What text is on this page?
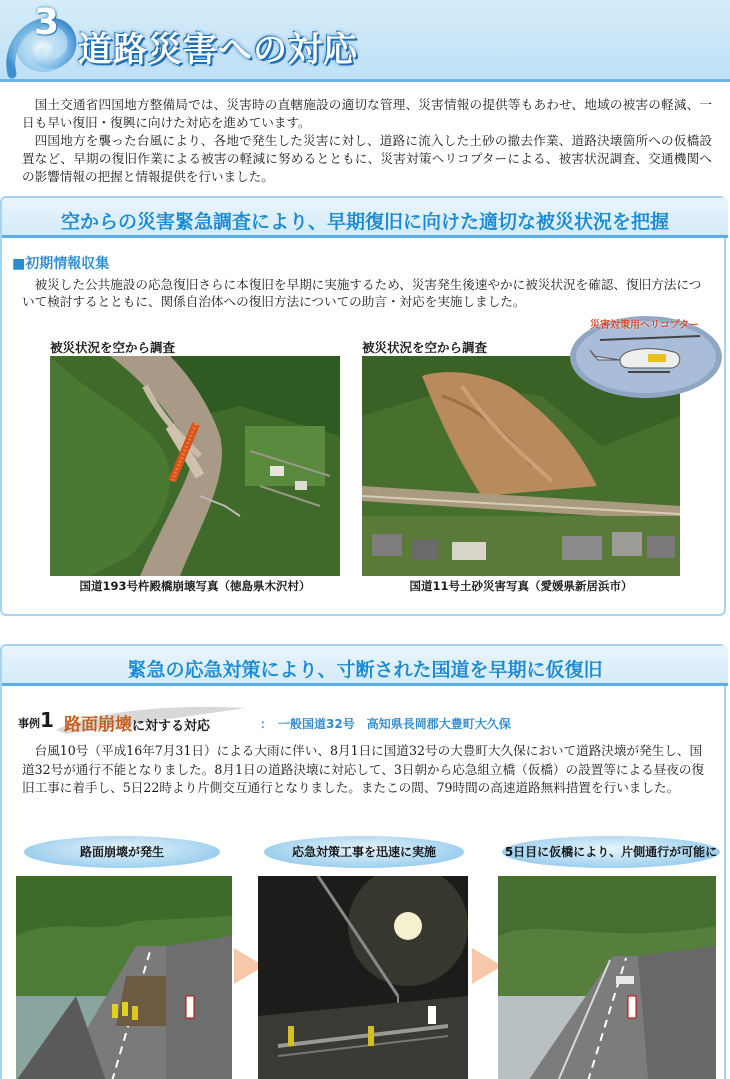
3
道路災害への対応

国土交通省四国地方整備局では、災害時の直轄施設の適切な管理、災害情報の提供等もあわせ、地域の被害の軽減、一日も早い復旧・復興に向けた対応を進めています。

四国地方を襲った台風により、各地で発生した災害に対し、道路に流入した土砂の撤去作業、道路決壊箇所への仮橋設置など、早期の復旧作業による被害の軽減に努めるとともに、災害対策ヘリコプターによる、被害状況調査、交通機関への影響情報の把握と情報提供を行いました。

空からの災害緊急調査により、早期復旧に向けた適切な被災状況を把握
■初期情報収集

被災した公共施設の応急復旧さらに本復旧を早期に実施するため、災害発生後速やかに被災状況を確認、復旧方法について検討するとともに、関係自治体への復旧方法についての助言・対応を実施しました。

被災状況を空から調査
国道193号杵殿橋崩壊写真（徳島県木沢村）
被災状況を空から調査
国道11号土砂災害写真（愛媛県新居浜市）
災害対策用ヘリコプター
緊急の応急対策により、寸断された国道を早期に仮復旧
事例1 路面崩壊に対する対応	：　一般国道32号　高知県長岡郡大豊町大久保

台風10号（平成16年7月31日）による大雨に伴い、8月1日に国道32号の大豊町大久保において道路決壊が発生し、国道32号が通行不能となりました。8月1日の道路決壊に対応して、3日朝から応急組立橋（仮橋）の設置等による昼夜の復旧工事に着手し、5日22時より片側交互通行となりました。またこの間、79時間の高速道路無料措置を行いました。

路面崩壊が発生	応急対策工事を迅速に実施	5日目に仮橋により、片側通行が可能に
